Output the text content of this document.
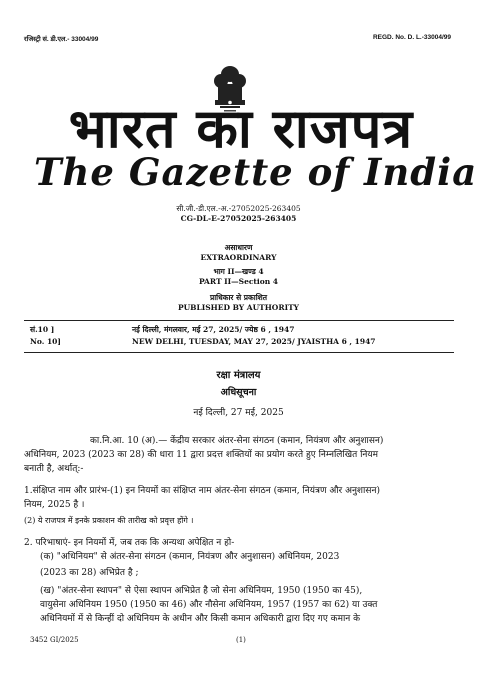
रजिस्ट्री सं. डी.एल.- 33004/99	REGD. No. D. L.-33004/99
भारत का राजपत्र
The Gazette of India
सी.जी.-डी.एल.-अ.-27052025-263405
CG-DL-E-27052025-263405
असाधारण
EXTRAORDINARY
भाग II—खण्ड 4
PART II—Section 4
प्राधिकार से प्रकाशित
PUBLISHED BY AUTHORITY
सं.10 ]
No. 10]
नई दिल्ली, मंगलवार, मई 27, 2025/ ज्येष्ठ 6 , 1947
NEW DELHI, TUESDAY, MAY 27, 2025/ JYAISTHA 6 , 1947
रक्षा मंत्रालय
अधिसूचना
नई दिल्ली, 27 मई, 2025
का.नि.आ. 10 (अ).— केंद्रीय सरकार अंतर-सेना संगठन (कमान, नियंत्रण और अनुशासन)
अधिनियम, 2023 (2023 का 28) की धारा 11 द्वारा प्रदत्त शक्तियों का प्रयोग करते हुए निम्नलिखित नियम
बनाती है, अर्थात्:-
1.संक्षिप्त नाम और प्रारंभ-(1) इन नियमों का संक्षिप्त नाम अंतर-सेना संगठन (कमान, नियंत्रण और अनुशासन)
नियम, 2025 है ।
(2) ये राजपत्र में इनके प्रकाशन की तारीख को प्रवृत्त होंगे ।
2. परिभाषाएं- इन नियमों में, जब तक कि अन्यथा अपेक्षित न हो-
(क) "अधिनियम" से अंतर-सेना संगठन (कमान, नियंत्रण और अनुशासन) अधिनियम, 2023
(2023 का 28) अभिप्रेत है ;
(ख) "अंतर-सेना स्थापन" से ऐसा स्थापन अभिप्रेत है जो सेना अधिनियम, 1950 (1950 का 45),
वायुसेना अधिनियम 1950 (1950 का 46) और नौसेना अधिनियम, 1957 (1957 का 62) या उक्त
अधिनियमों में से किन्हीं दो अधिनियम के अधीन और किसी कमान अधिकारी द्वारा दिए गए कमान के
3452 GI/2025	(1)
